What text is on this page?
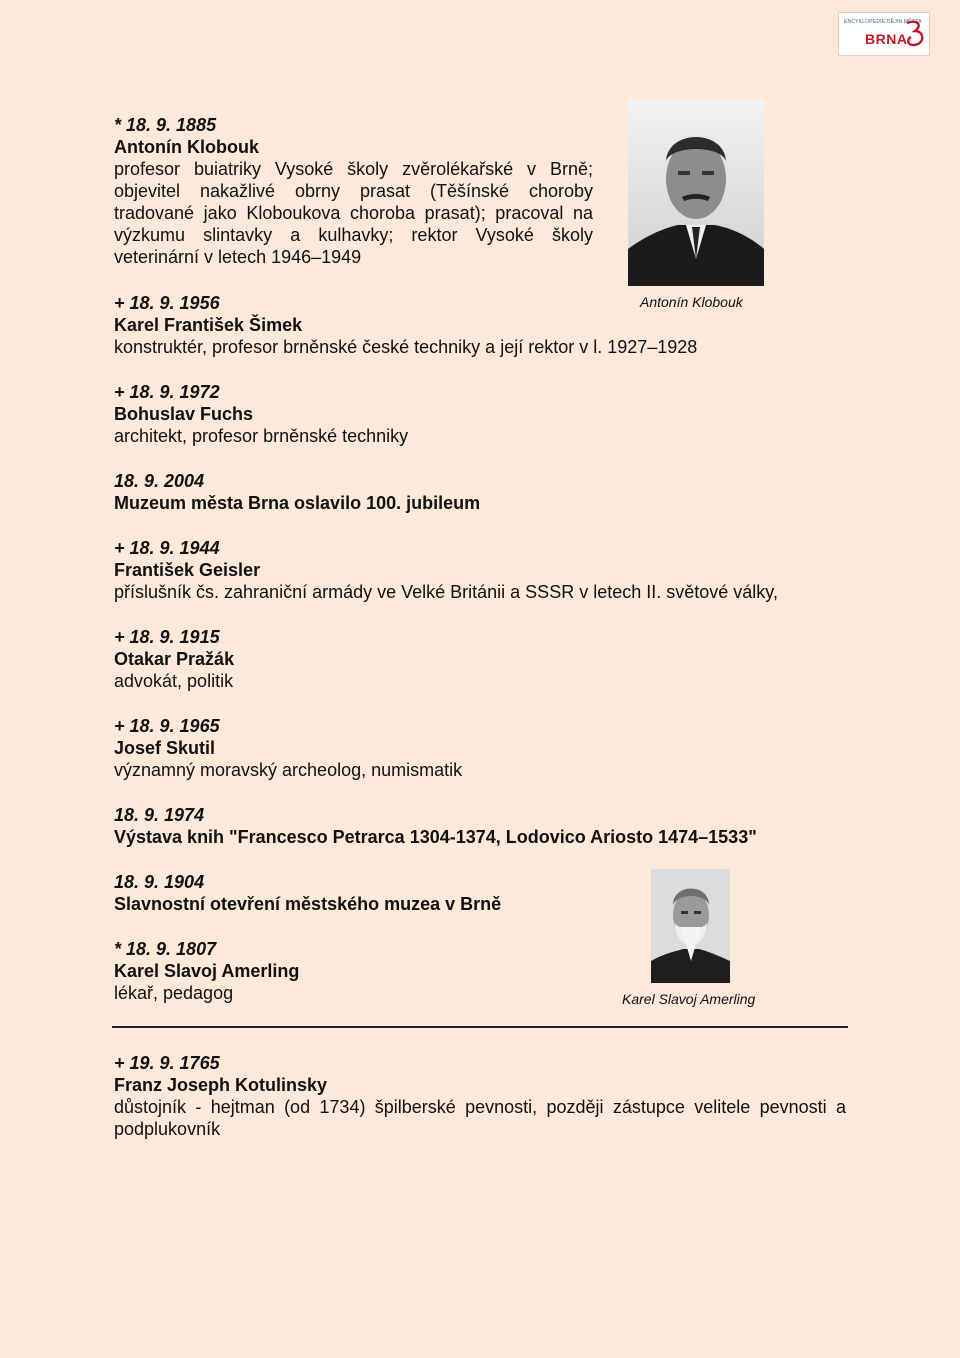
ENCYKLOPEDIE DĚJIN MĚSTA
BRNA
* 18. 9. 1885
Antonín Klobouk
profesor buiatriky Vysoké školy zvěrolékařské v Brně; objevitel nakažlivé obrny prasat (Těšínské choroby tradované jako Kloboukova choroba prasat); pracoval na výzkumu slintavky a kulhavky; rektor Vysoké školy veterinární v letech 1946–1949
Antonín Klobouk
+ 18. 9. 1956
Karel František Šimek
konstruktér, profesor brněnské české techniky a její rektor v l. 1927–1928
+ 18. 9. 1972
Bohuslav Fuchs
architekt, profesor brněnské techniky
18. 9. 2004
Muzeum města Brna oslavilo 100. jubileum
+ 18. 9. 1944
František Geisler
příslušník čs. zahraniční armády ve Velké Británii a SSSR v letech II. světové války,
+ 18. 9. 1915
Otakar Pražák
advokát, politik
+ 18. 9. 1965
Josef Skutil
významný moravský archeolog, numismatik
18. 9. 1974
Výstava knih "Francesco Petrarca 1304-1374, Lodovico Ariosto 1474–1533"
18. 9. 1904
Slavnostní otevření městského muzea v Brně
* 18. 9. 1807
Karel Slavoj Amerling
lékař, pedagog	Karel Slavoj Amerling
+ 19. 9. 1765
Franz Joseph Kotulinsky
důstojník - hejtman (od 1734) špilberské pevnosti, později zástupce velitele pevnosti a podplukovník
